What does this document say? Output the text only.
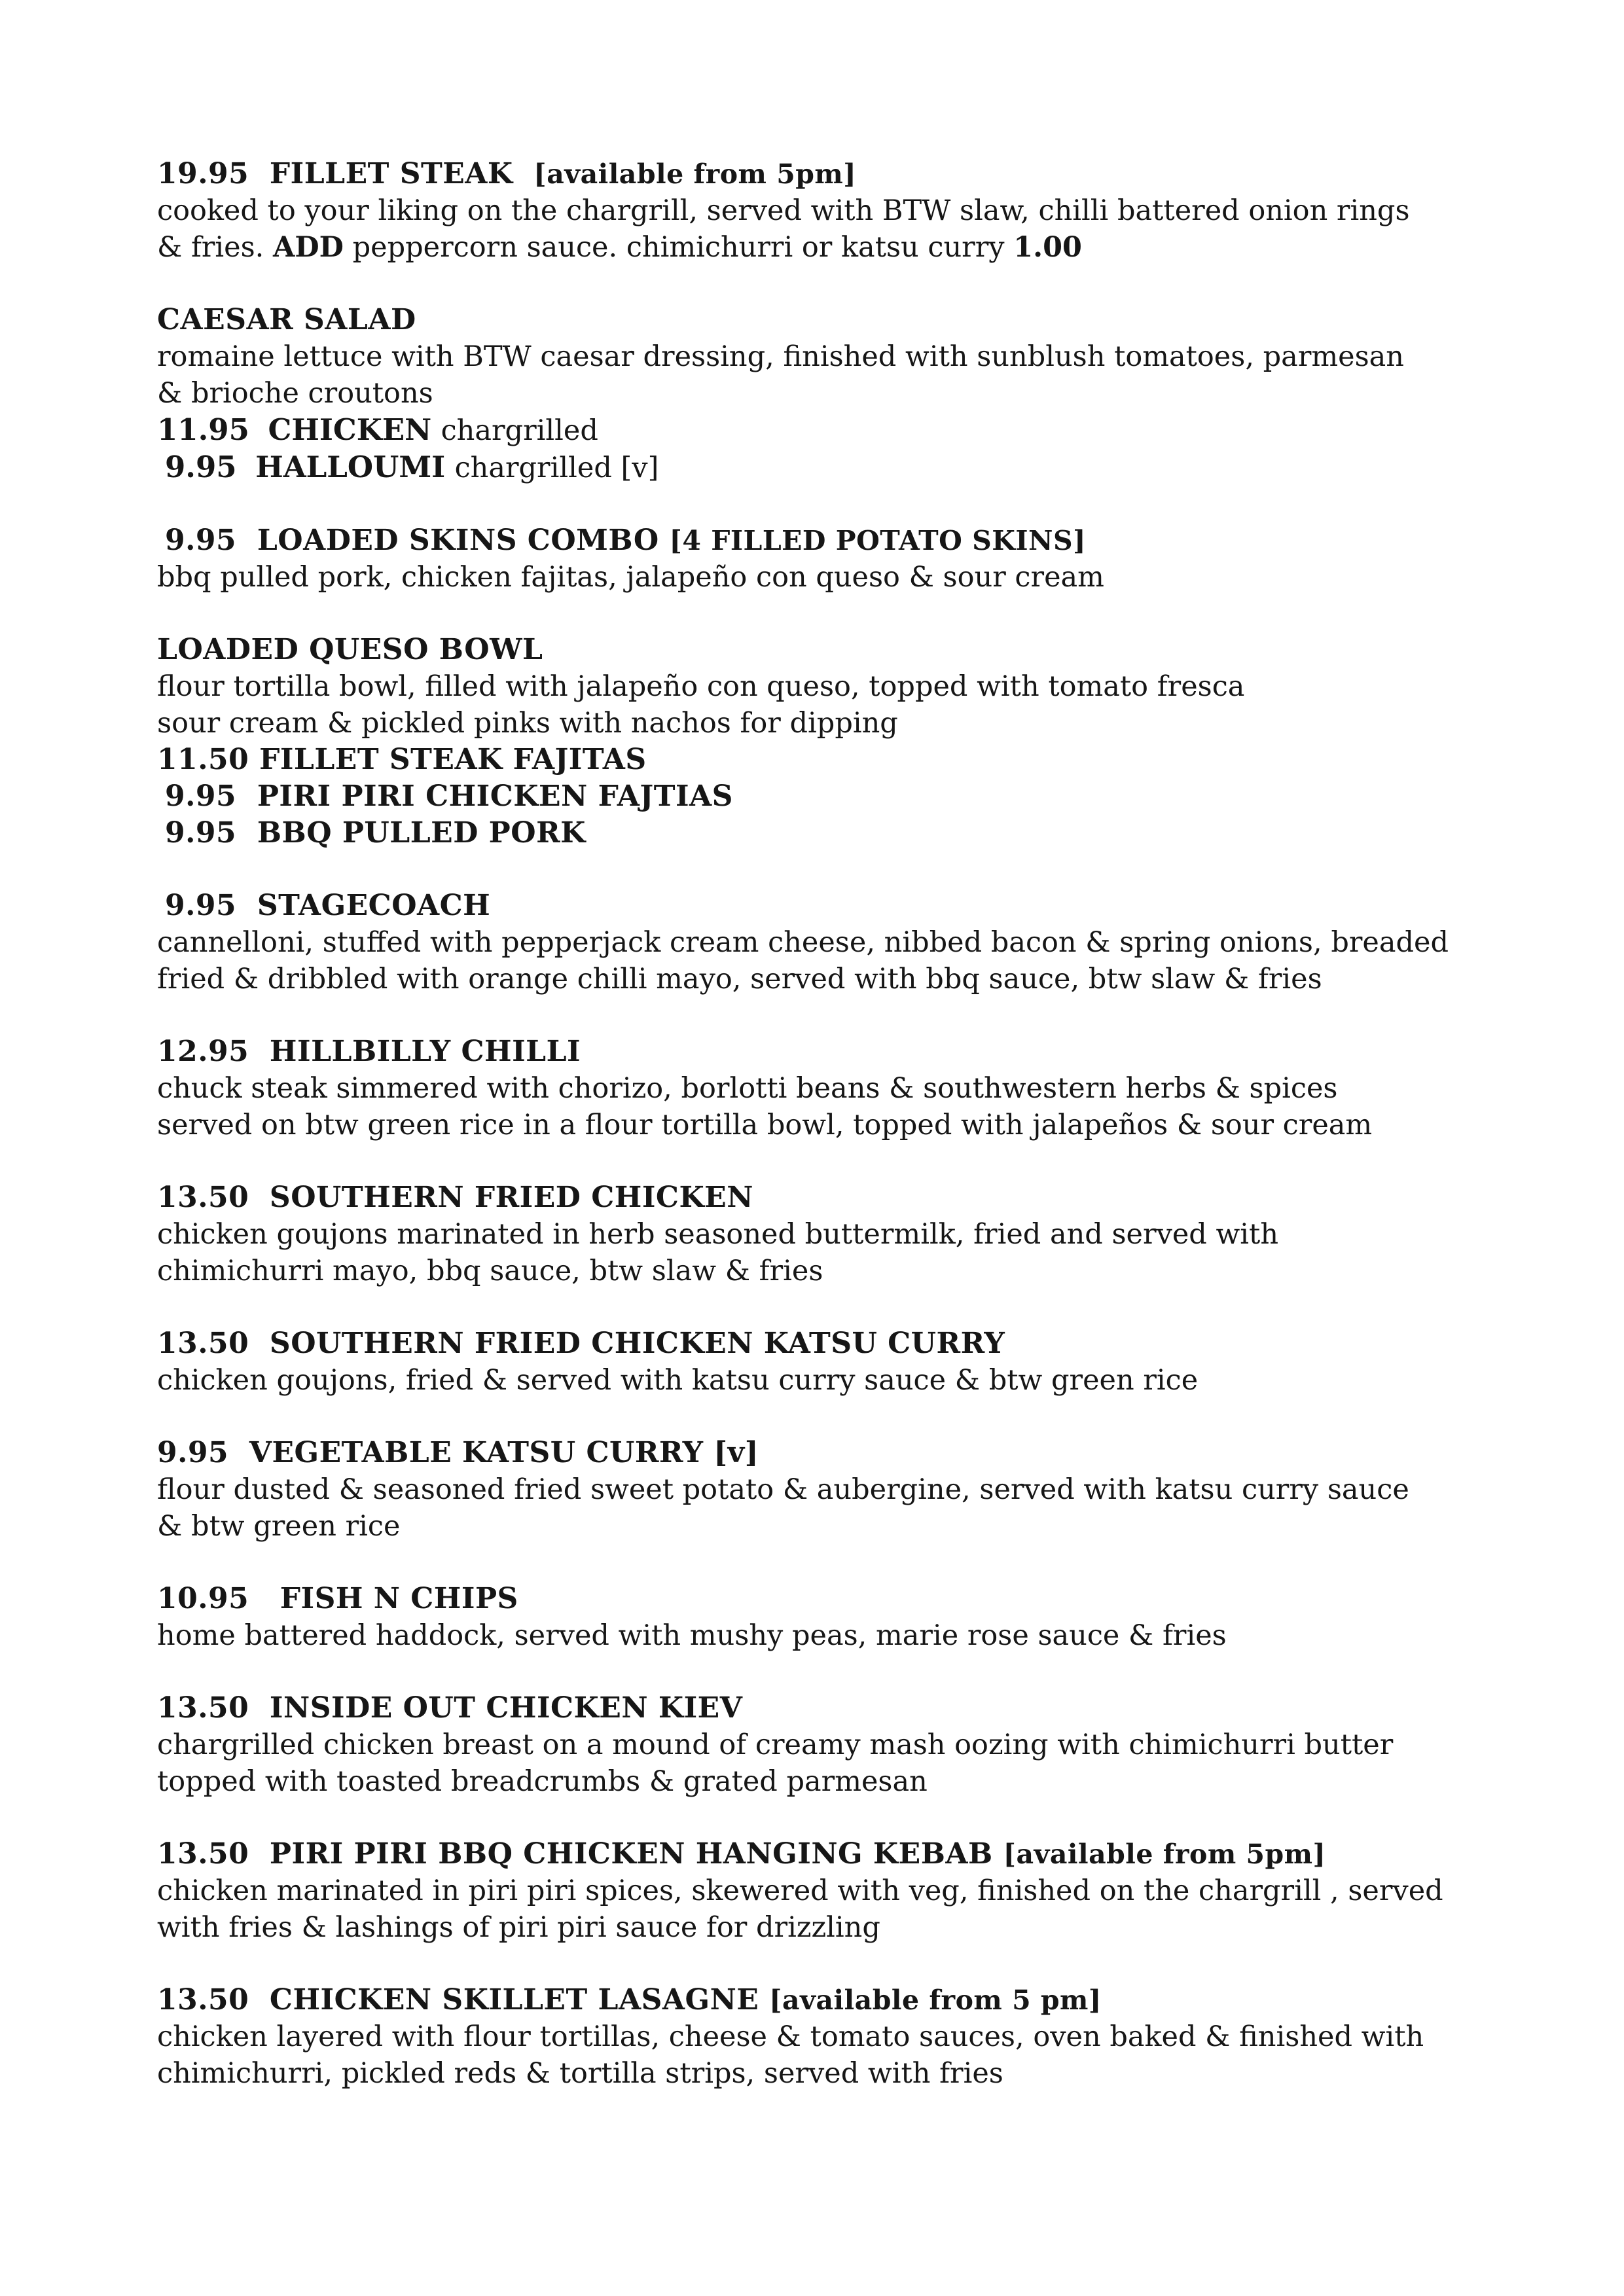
19.95 FILLET STEAK [available from 5pm]
cooked to your liking on the chargrill, served with BTW slaw, chilli battered onion rings
& fries. ADD peppercorn sauce. chimichurri or katsu curry 1.00
CAESAR SALAD
romaine lettuce with BTW caesar dressing, finished with sunblush tomatoes, parmesan
& brioche croutons
11.95 CHICKEN chargrilled
9.95 HALLOUMI chargrilled [v]
9.95 LOADED SKINS COMBO [4 FILLED POTATO SKINS]
bbq pulled pork, chicken fajitas, jalapeño con queso & sour cream
LOADED QUESO BOWL
flour tortilla bowl, filled with jalapeño con queso, topped with tomato fresca
sour cream & pickled pinks with nachos for dipping
11.50 FILLET STEAK FAJITAS
9.95 PIRI PIRI CHICKEN FAJTIAS
9.95 BBQ PULLED PORK
9.95 STAGECOACH
cannelloni, stuffed with pepperjack cream cheese, nibbed bacon & spring onions, breaded
fried & dribbled with orange chilli mayo, served with bbq sauce, btw slaw & fries
12.95 HILLBILLY CHILLI
chuck steak simmered with chorizo, borlotti beans & southwestern herbs & spices
served on btw green rice in a flour tortilla bowl, topped with jalapeños & sour cream
13.50 SOUTHERN FRIED CHICKEN
chicken goujons marinated in herb seasoned buttermilk, fried and served with
chimichurri mayo, bbq sauce, btw slaw & fries
13.50 SOUTHERN FRIED CHICKEN KATSU CURRY
chicken goujons, fried & served with katsu curry sauce & btw green rice
9.95 VEGETABLE KATSU CURRY [v]
flour dusted & seasoned fried sweet potato & aubergine, served with katsu curry sauce
& btw green rice
10.95 FISH N CHIPS
home battered haddock, served with mushy peas, marie rose sauce & fries
13.50 INSIDE OUT CHICKEN KIEV
chargrilled chicken breast on a mound of creamy mash oozing with chimichurri butter
topped with toasted breadcrumbs & grated parmesan
13.50 PIRI PIRI BBQ CHICKEN HANGING KEBAB [available from 5pm]
chicken marinated in piri piri spices, skewered with veg, finished on the chargrill , served
with fries & lashings of piri piri sauce for drizzling
13.50 CHICKEN SKILLET LASAGNE [available from 5 pm]
chicken layered with flour tortillas, cheese & tomato sauces, oven baked & finished with
chimichurri, pickled reds & tortilla strips, served with fries
